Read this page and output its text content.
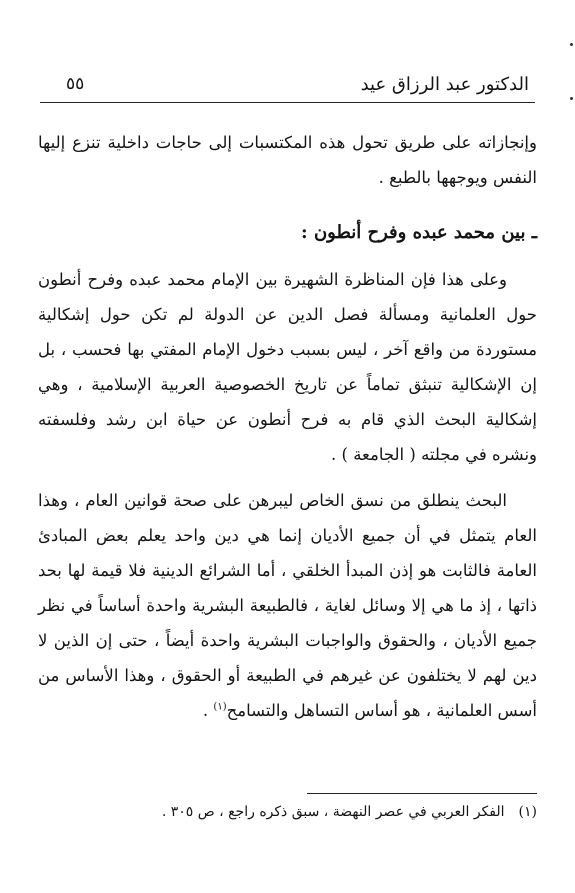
الدكتور عبد الرزاق عيد
٥٥

وإنجازاته على طريق تحول هذه المكتسبات إلى حاجات داخلية تنزع إليها النفس ويوجهها بالطبع .

ـ بين محمد عبده وفرح أنطون :

وعلى هذا فإن المناظرة الشهيرة بين الإمام محمد عبده وفرح أنطون حول العلمانية ومسألة فصل الدين عن الدولة لم تكن حول إشكالية مستوردة من واقع آخر ، ليس بسبب دخول الإمام المفتي بها فحسب ، بل إن الإشكالية تنبثق تماماً عن تاريخ الخصوصية العربية الإسلامية ، وهي إشكالية البحث الذي قام به فرح أنطون عن حياة ابن رشد وفلسفته ونشره في مجلته ( الجامعة ) .

البحث ينطلق من نسق الخاص ليبرهن على صحة قوانين العام ، وهذا العام يتمثل في أن جميع الأديان إنما هي دين واحد يعلم بعض المبادئ العامة فالثابت هو إذن المبدأ الخلقي ، أما الشرائع الدينية فلا قيمة لها بحد ذاتها ، إذ ما هي إلا وسائل لغاية ، فالطبيعة البشرية واحدة أساساً في نظر جميع الأديان ، والحقوق والواجبات البشرية واحدة أيضاً ، حتى إن الذين لا دين لهم لا يختلفون عن غيرهم في الطبيعة أو الحقوق ، وهذا الأساس من أسس العلمانية ، هو أساس التساهل والتسامح$^{(١)}$ .

(١)الفكر العربي في عصر النهضة ، سبق ذكره راجع ، ص ٣٠٥ .
